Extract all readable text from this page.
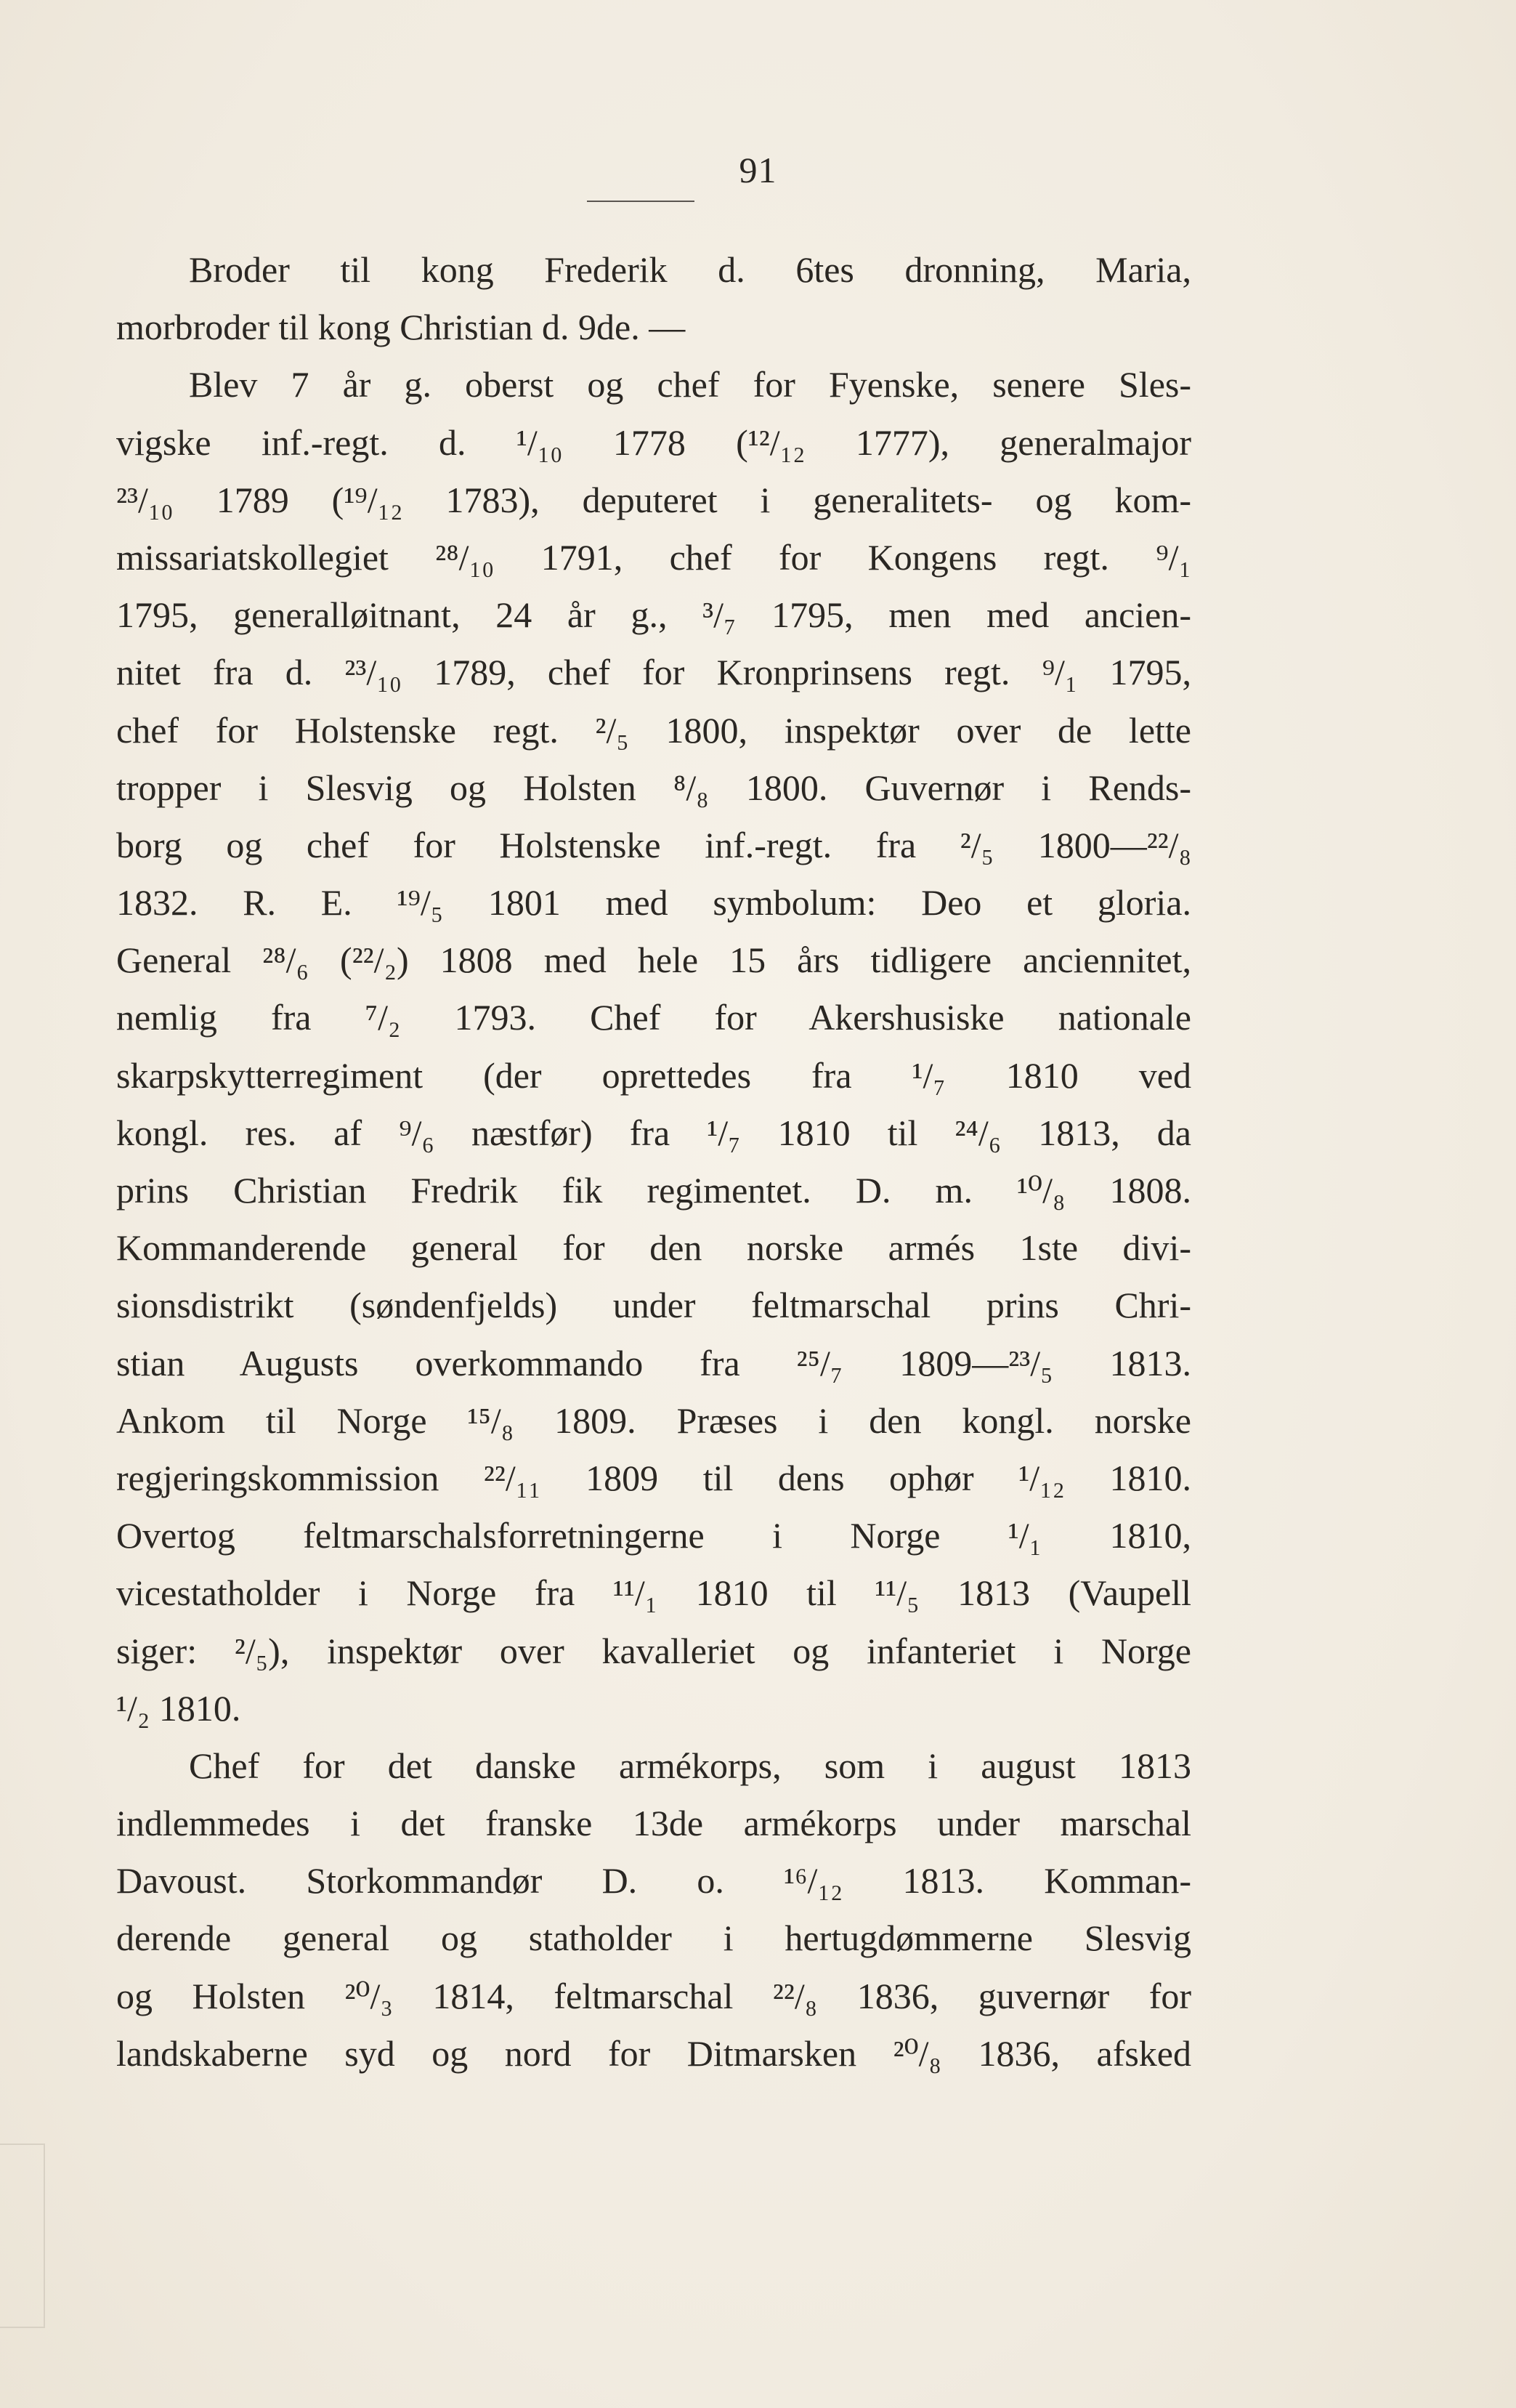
91
Broder til kong Frederik d. 6tes dronning, Maria,
morbroder til kong Christian d. 9de. —
Blev 7 år g. oberst og chef for Fyenske, senere Sles-
vigske inf.-regt. d. ¹/₁₀ 1778 (¹²/₁₂ 1777), generalmajor
²³/₁₀ 1789 (¹⁹/₁₂ 1783), deputeret i generalitets- og kom-
missariatskollegiet ²⁸/₁₀ 1791, chef for Kongens regt. ⁹/₁
1795, generalløitnant, 24 år g., ³/₇ 1795, men med ancien-
nitet fra d. ²³/₁₀ 1789, chef for Kronprinsens regt. ⁹/₁ 1795,
chef for Holstenske regt. ²/₅ 1800, inspektør over de lette
tropper i Slesvig og Holsten ⁸/₈ 1800. Guvernør i Rends-
borg og chef for Holstenske inf.-regt. fra ²/₅ 1800—²²/₈
1832. R. E. ¹⁹/₅ 1801 med symbolum: Deo et gloria.
General ²⁸/₆ (²²/₂) 1808 med hele 15 års tidligere anciennitet,
nemlig fra ⁷/₂ 1793. Chef for Akershusiske nationale
skarpskytterregiment (der oprettedes fra ¹/₇ 1810 ved
kongl. res. af ⁹/₆ næstfør) fra ¹/₇ 1810 til ²⁴/₆ 1813, da
prins Christian Fredrik fik regimentet. D. m. ¹⁰/₈ 1808.
Kommanderende general for den norske armés 1ste divi-
sionsdistrikt (søndenfjelds) under feltmarschal prins Chri-
stian Augusts overkommando fra ²⁵/₇ 1809—²³/₅ 1813.
Ankom til Norge ¹⁵/₈ 1809. Præses i den kongl. norske
regjeringskommission ²²/₁₁ 1809 til dens ophør ¹/₁₂ 1810.
Overtog feltmarschalsforretningerne i Norge ¹/₁ 1810,
vicestatholder i Norge fra ¹¹/₁ 1810 til ¹¹/₅ 1813 (Vaupell
siger: ²/₅), inspektør over kavalleriet og infanteriet i Norge
¹/₂ 1810.
Chef for det danske armékorps, som i august 1813
indlemmedes i det franske 13de armékorps under marschal
Davoust. Storkommandør D. o. ¹⁶/₁₂ 1813. Komman-
derende general og statholder i hertugdømmerne Slesvig
og Holsten ²⁰/₃ 1814, feltmarschal ²²/₈ 1836, guvernør for
landskaberne syd og nord for Ditmarsken ²⁰/₈ 1836, afsked
